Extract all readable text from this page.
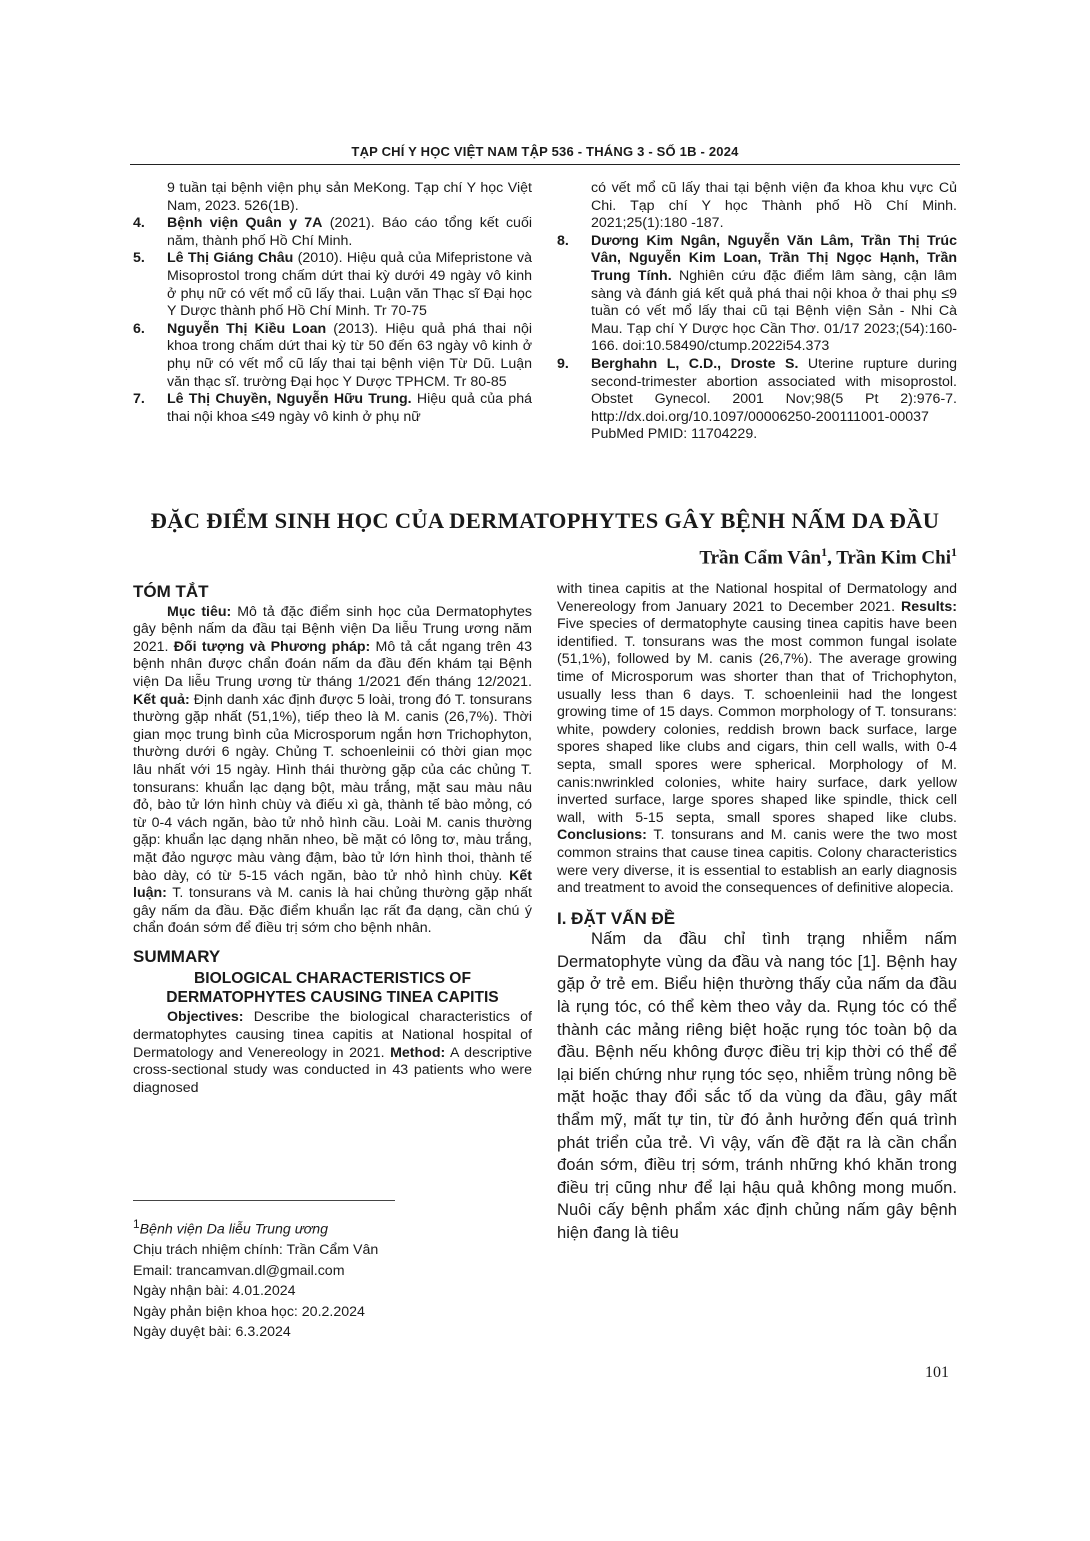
TẠP CHÍ Y HỌC VIỆT NAM TẬP 536 - THÁNG 3 - SỐ 1B - 2024
9 tuần tại bệnh viện phụ sản MeKong. Tạp chí Y học Việt Nam, 2023. 526(1B).
4. Bệnh viện Quân y 7A (2021). Báo cáo tổng kết cuối năm, thành phố Hồ Chí Minh.
5. Lê Thị Giáng Châu (2010). Hiệu quả của Mifepristone và Misoprostol trong chấm dứt thai kỳ dưới 49 ngày vô kinh ở phụ nữ có vết mổ cũ lấy thai. Luận văn Thạc sĩ Đại học Y Dược thành phố Hồ Chí Minh. Tr 70-75
6. Nguyễn Thị Kiều Loan (2013). Hiệu quả phá thai nội khoa trong chấm dứt thai kỳ từ 50 đến 63 ngày vô kinh ở phụ nữ có vết mổ cũ lấy thai tại bệnh viện Từ Dũ. Luận văn thạc sĩ. trường Đại học Y Dược TPHCM. Tr 80-85
7. Lê Thị Chuyền, Nguyễn Hữu Trung. Hiệu quả của phá thai nội khoa ≤49 ngày vô kinh ở phụ nữ
có vết mổ cũ lấy thai tại bệnh viện đa khoa khu vực Củ Chi. Tạp chí Y học Thành phố Hồ Chí Minh. 2021;25(1):180 -187.
8. Dương Kim Ngân, Nguyễn Văn Lâm, Trần Thị Trúc Vân, Nguyễn Kim Loan, Trần Thị Ngọc Hạnh, Trần Trung Tính. Nghiên cứu đặc điểm lâm sàng, cận lâm sàng và đánh giá kết quả phá thai nội khoa ở thai phụ ≤9 tuần có vết mổ lấy thai cũ tại Bệnh viện Sản - Nhi Cà Mau. Tạp chí Y Dược học Cần Thơ. 01/17 2023;(54):160-166. doi:10.58490/ctump.2022i54.373
9. Berghahn L, C.D., Droste S. Uterine rupture during second-trimester abortion associated with misoprostol. Obstet Gynecol. 2001 Nov;98(5 Pt 2):976-7. http://dx.doi.org/10.1097/00006250-200111001-00037 PubMed PMID: 11704229.
ĐẶC ĐIỂM SINH HỌC CỦA DERMATOPHYTES GÂY BỆNH NẤM DA ĐẦU
Trần Cẩm Vân$^1$, Trần Kim Chi$^1$
TÓM TẮT

Mục tiêu: Mô tả đặc điểm sinh học của Dermatophytes gây bệnh nấm da đầu tại Bệnh viện Da liễu Trung ương năm 2021. Đối tượng và Phương pháp: Mô tả cắt ngang trên 43 bệnh nhân được chẩn đoán nấm da đầu đến khám tại Bệnh viện Da liễu Trung ương từ tháng 1/2021 đến tháng 12/2021. Kết quả: Định danh xác định được 5 loài, trong đó T. tonsurans thường gặp nhất (51,1%), tiếp theo là M. canis (26,7%). Thời gian mọc trung bình của Microsporum ngắn hơn Trichophyton, thường dưới 6 ngày. Chủng T. schoenleinii có thời gian mọc lâu nhất với 15 ngày. Hình thái thường gặp của các chủng T. tonsurans: khuẩn lạc dạng bột, màu trắng, mặt sau màu nâu đỏ, bào tử lớn hình chùy và điếu xì gà, thành tế bào mỏng, có từ 0-4 vách ngăn, bào tử nhỏ hình cầu. Loài M. canis thường gặp: khuẩn lạc dạng nhăn nheo, bề mặt có lông tơ, màu trắng, mặt đảo ngược màu vàng đậm, bào tử lớn hình thoi, thành tế bào dày, có từ 5-15 vách ngăn, bào tử nhỏ hình chùy. Kết luận: T. tonsurans và M. canis là hai chủng thường gặp nhất gây nấm da đầu. Đặc điểm khuẩn lạc rất đa dạng, cần chú ý chẩn đoán sớm để điều trị sớm cho bệnh nhân.

SUMMARY
BIOLOGICAL CHARACTERISTICS OF DERMATOPHYTES CAUSING TINEA CAPITIS

Objectives: Describe the biological characteristics of dermatophytes causing tinea capitis at National hospital of Dermatology and Venereology in 2021. Method: A descriptive cross-sectional study was conducted in 43 patients who were diagnosed

$^1$Bệnh viện Da liễu Trung ương
Chịu trách nhiệm chính: Trần Cẩm Vân
Email: trancamvan.dl@gmail.com
Ngày nhận bài: 4.01.2024
Ngày phản biện khoa học: 20.2.2024
Ngày duyệt bài: 6.3.2024

with tinea capitis at the National hospital of Dermatology and Venereology from January 2021 to December 2021. Results: Five species of dermatophyte causing tinea capitis have been identified. T. tonsurans was the most common fungal isolate (51,1%), followed by M. canis (26,7%). The average growing time of Microsporum was shorter than that of Trichophyton, usually less than 6 days. T. schoenleinii had the longest growing time of 15 days. Common morphology of T. tonsurans: white, powdery colonies, reddish brown back surface, large spores shaped like clubs and cigars, thin cell walls, with 0-4 septa, small spores were spherical. Morphology of M. canis:nwrinkled colonies, white hairy surface, dark yellow inverted surface, large spores shaped like spindle, thick cell wall, with 5-15 septa, small spores shaped like clubs. Conclusions: T. tonsurans and M. canis were the two most common strains that cause tinea capitis. Colony characteristics were very diverse, it is essential to establish an early diagnosis and treatment to avoid the consequences of definitive alopecia.

I. ĐẶT VẤN ĐỀ

Nấm da đầu chỉ tình trạng nhiễm nấm Dermatophyte vùng da đầu và nang tóc [1]. Bệnh hay gặp ở trẻ em. Biểu hiện thường thấy của nấm da đầu là rụng tóc, có thể kèm theo vảy da. Rụng tóc có thể thành các mảng riêng biệt hoặc rụng tóc toàn bộ da đầu. Bệnh nếu không được điều trị kịp thời có thể để lại biến chứng như rụng tóc sẹo, nhiễm trùng nông bề mặt hoặc thay đổi sắc tố da vùng da đầu, gây mất thẩm mỹ, mất tự tin, từ đó ảnh hưởng đến quá trình phát triển của trẻ. Vì vậy, vấn đề đặt ra là cần chẩn đoán sớm, điều trị sớm, tránh những khó khăn trong điều trị cũng như để lại hậu quả không mong muốn. Nuôi cấy bệnh phẩm xác định chủng nấm gây bệnh hiện đang là tiêu

101
